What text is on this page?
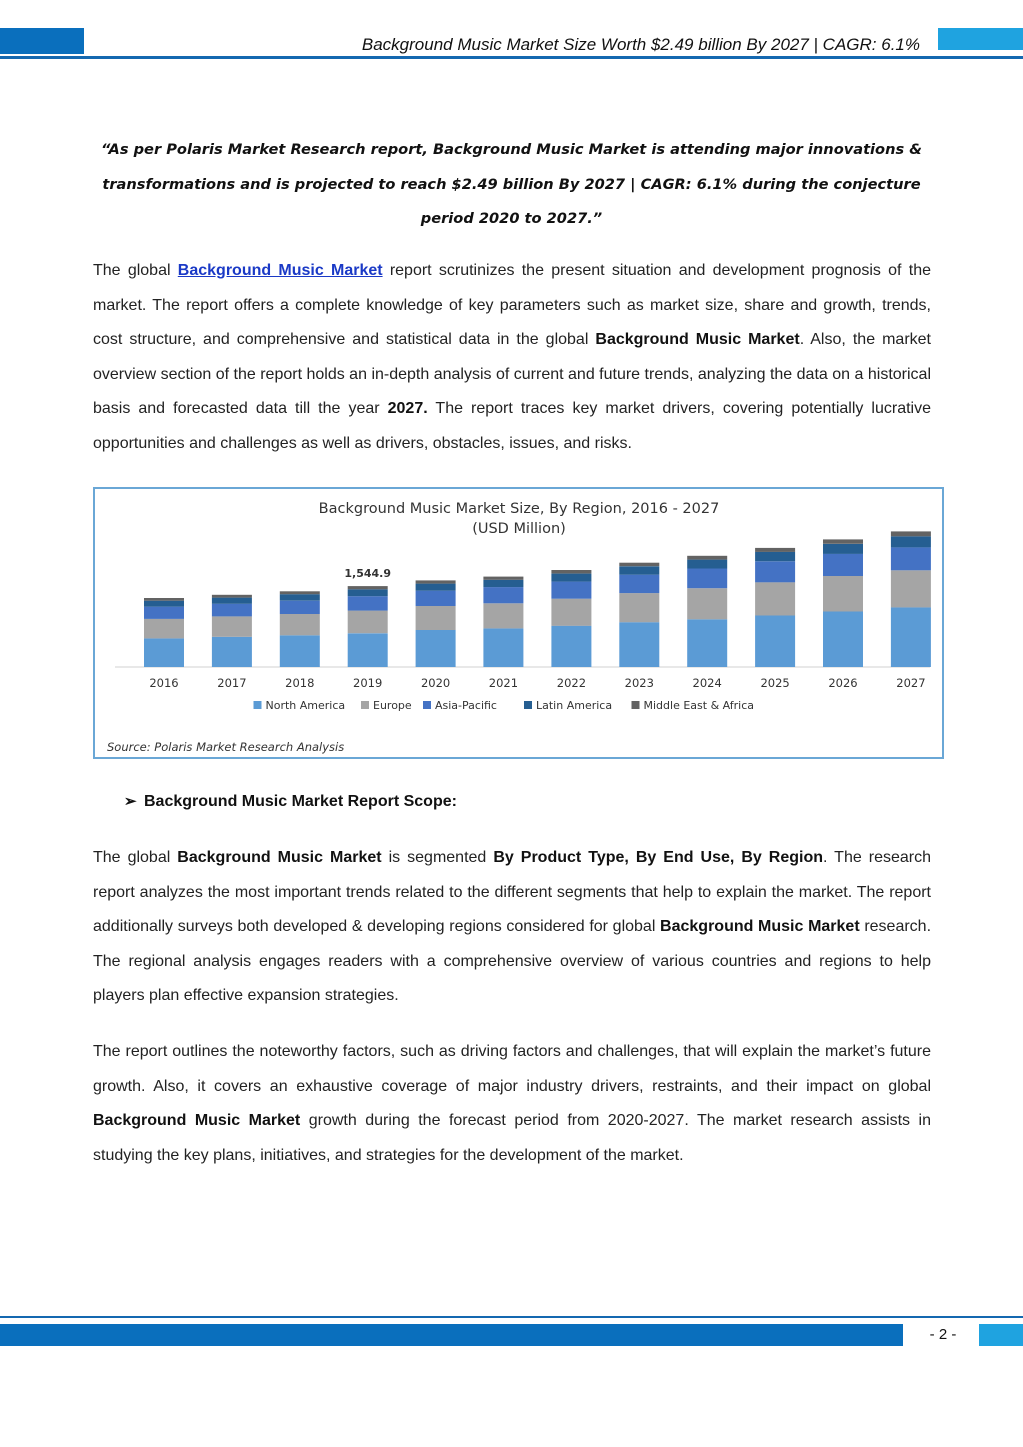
Background Music Market Size Worth $2.49 billion By 2027 | CAGR: 6.1%
“As per Polaris Market Research report, Background Music Market is attending major innovations & transformations and is projected to reach $2.49 billion By 2027 | CAGR: 6.1% during the conjecture period 2020 to 2027.”
The global Background Music Market report scrutinizes the present situation and development prognosis of the market. The report offers a complete knowledge of key parameters such as market size, share and growth, trends, cost structure, and comprehensive and statistical data in the global Background Music Market. Also, the market overview section of the report holds an in-depth analysis of current and future trends, analyzing the data on a historical basis and forecasted data till the year 2027. The report traces key market drivers, covering potentially lucrative opportunities and challenges as well as drivers, obstacles, issues, and risks.
Background Music Market Size, By Region, 2016 - 2027
(USD Million)
1,544.9
2016	2017	2018	2019	2020	2021	2022	2023	2024	2025	2026	2027
North America	Europe Asia-Pacific	Latin America	Middle East & Africa
Source: Polaris Market Research Analysis
➢ Background Music Market Report Scope:
The global Background Music Market is segmented By Product Type, By End Use, By Region. The research report analyzes the most important trends related to the different segments that help to explain the market. The report additionally surveys both developed & developing regions considered for global Background Music Market research. The regional analysis engages readers with a comprehensive overview of various countries and regions to help players plan effective expansion strategies.
The report outlines the noteworthy factors, such as driving factors and challenges, that will explain the market’s future growth. Also, it covers an exhaustive coverage of major industry drivers, restraints, and their impact on global Background Music Market growth during the forecast period from 2020-2027. The market research assists in studying the key plans, initiatives, and strategies for the development of the market.
- 2 -
